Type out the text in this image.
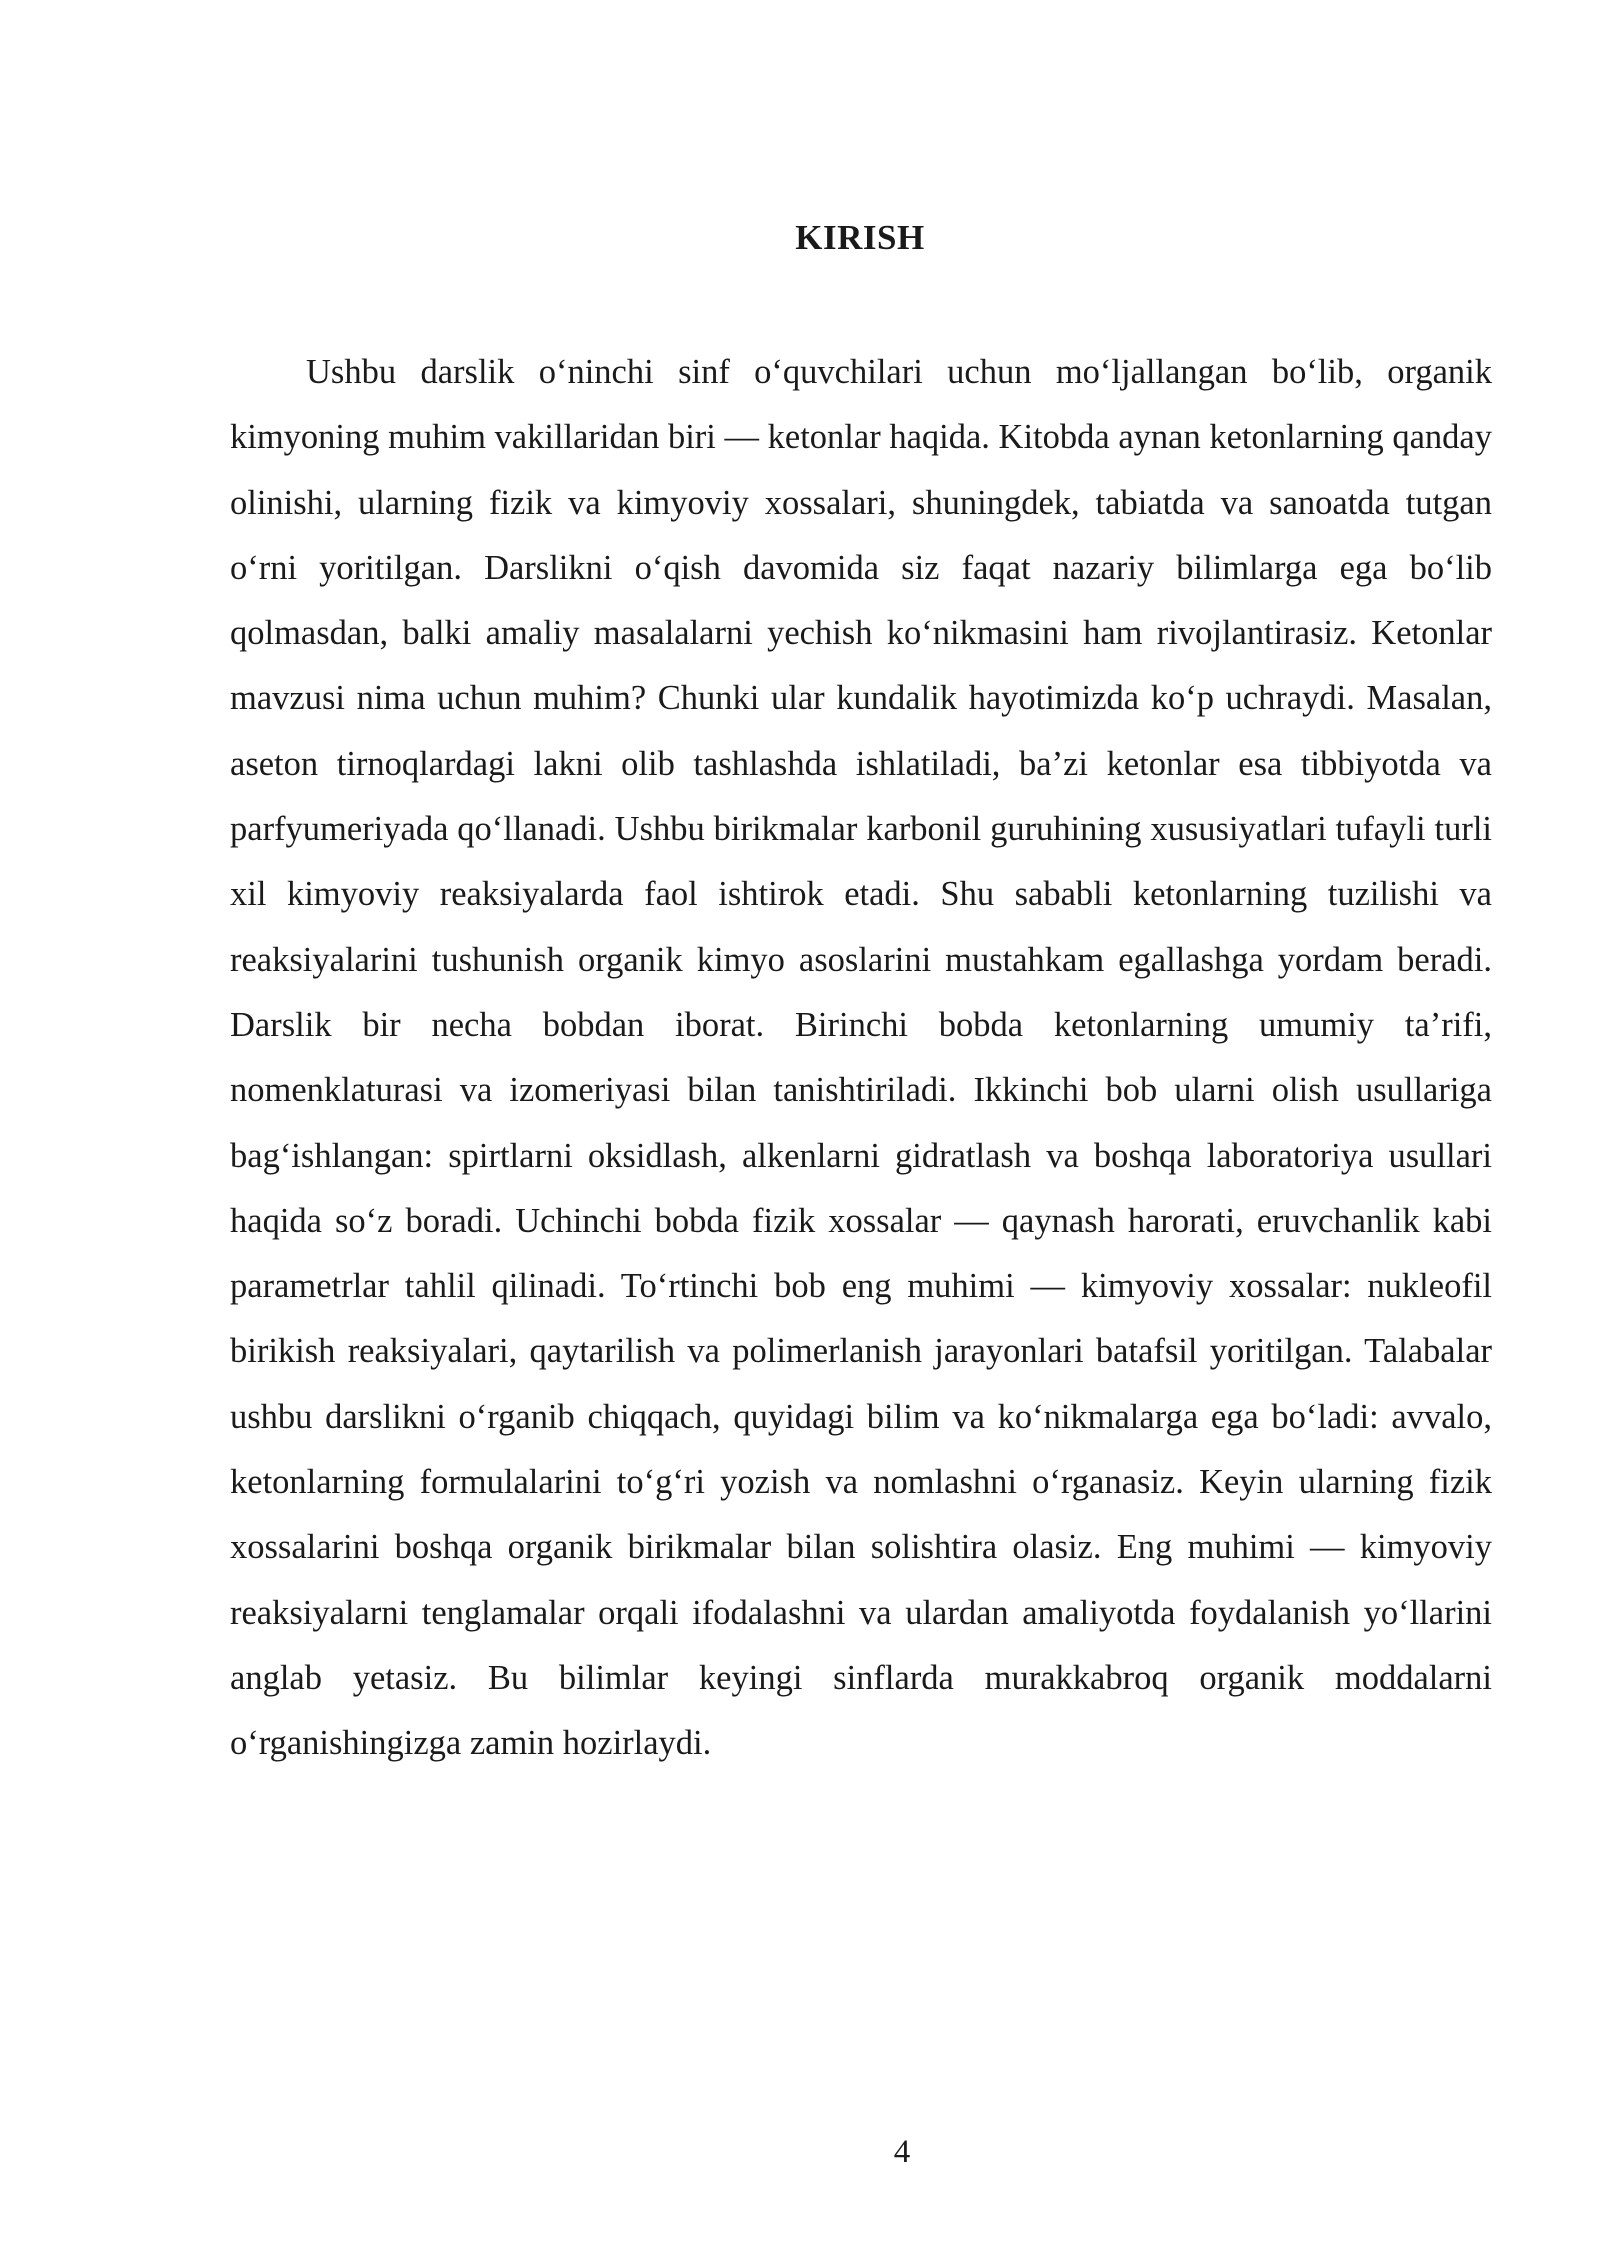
KIRISH

Ushbu darslik o‘ninchi sinf o‘quvchilari uchun mo‘ljallangan bo‘lib, organik kimyoning muhim vakillaridan biri — ketonlar haqida. Kitobda aynan ketonlarning qanday olinishi, ularning fizik va kimyoviy xossalari, shuningdek, tabiatda va sanoatda tutgan o‘rni yoritilgan. Darslikni o‘qish davomida siz faqat nazariy bilimlarga ega bo‘lib qolmasdan, balki amaliy masalalarni yechish ko‘nikmasini ham rivojlantirasiz. Ketonlar mavzusi nima uchun muhim? Chunki ular kundalik hayotimizda ko‘p uchraydi. Masalan, aseton tirnoqlardagi lakni olib tashlashda ishlatiladi, ba’zi ketonlar esa tibbiyotda va parfyumeriyada qo‘llanadi. Ushbu birikmalar karbonil guruhining xususiyatlari tufayli turli xil kimyoviy reaksiyalarda faol ishtirok etadi. Shu sababli ketonlarning tuzilishi va reaksiyalarini tushunish organik kimyo asoslarini mustahkam egallashga yordam beradi. Darslik bir necha bobdan iborat. Birinchi bobda ketonlarning umumiy ta’rifi, nomenklaturasi va izomeriyasi bilan tanishtiriladi. Ikkinchi bob ularni olish usullariga bag‘ishlangan: spirtlarni oksidlash, alkenlarni gidratlash va boshqa laboratoriya usullari haqida so‘z boradi. Uchinchi bobda fizik xossalar — qaynash harorati, eruvchanlik kabi parametrlar tahlil qilinadi. To‘rtinchi bob eng muhimi — kimyoviy xossalar: nukleofil birikish reaksiyalari, qaytarilish va polimerlanish jarayonlari batafsil yoritilgan. Talabalar ushbu darslikni o‘rganib chiqqach, quyidagi bilim va ko‘nikmalarga ega bo‘ladi: avvalo, ketonlarning formulalarini to‘g‘ri yozish va nomlashni o‘rganasiz. Keyin ularning fizik xossalarini boshqa organik birikmalar bilan solishtira olasiz. Eng muhimi — kimyoviy reaksiyalarni tenglamalar orqali ifodalashni va ulardan amaliyotda foydalanish yo‘llarini anglab yetasiz. Bu bilimlar keyingi sinflarda murakkabroq organik moddalarni o‘rganishingizga zamin hozirlaydi.

4
